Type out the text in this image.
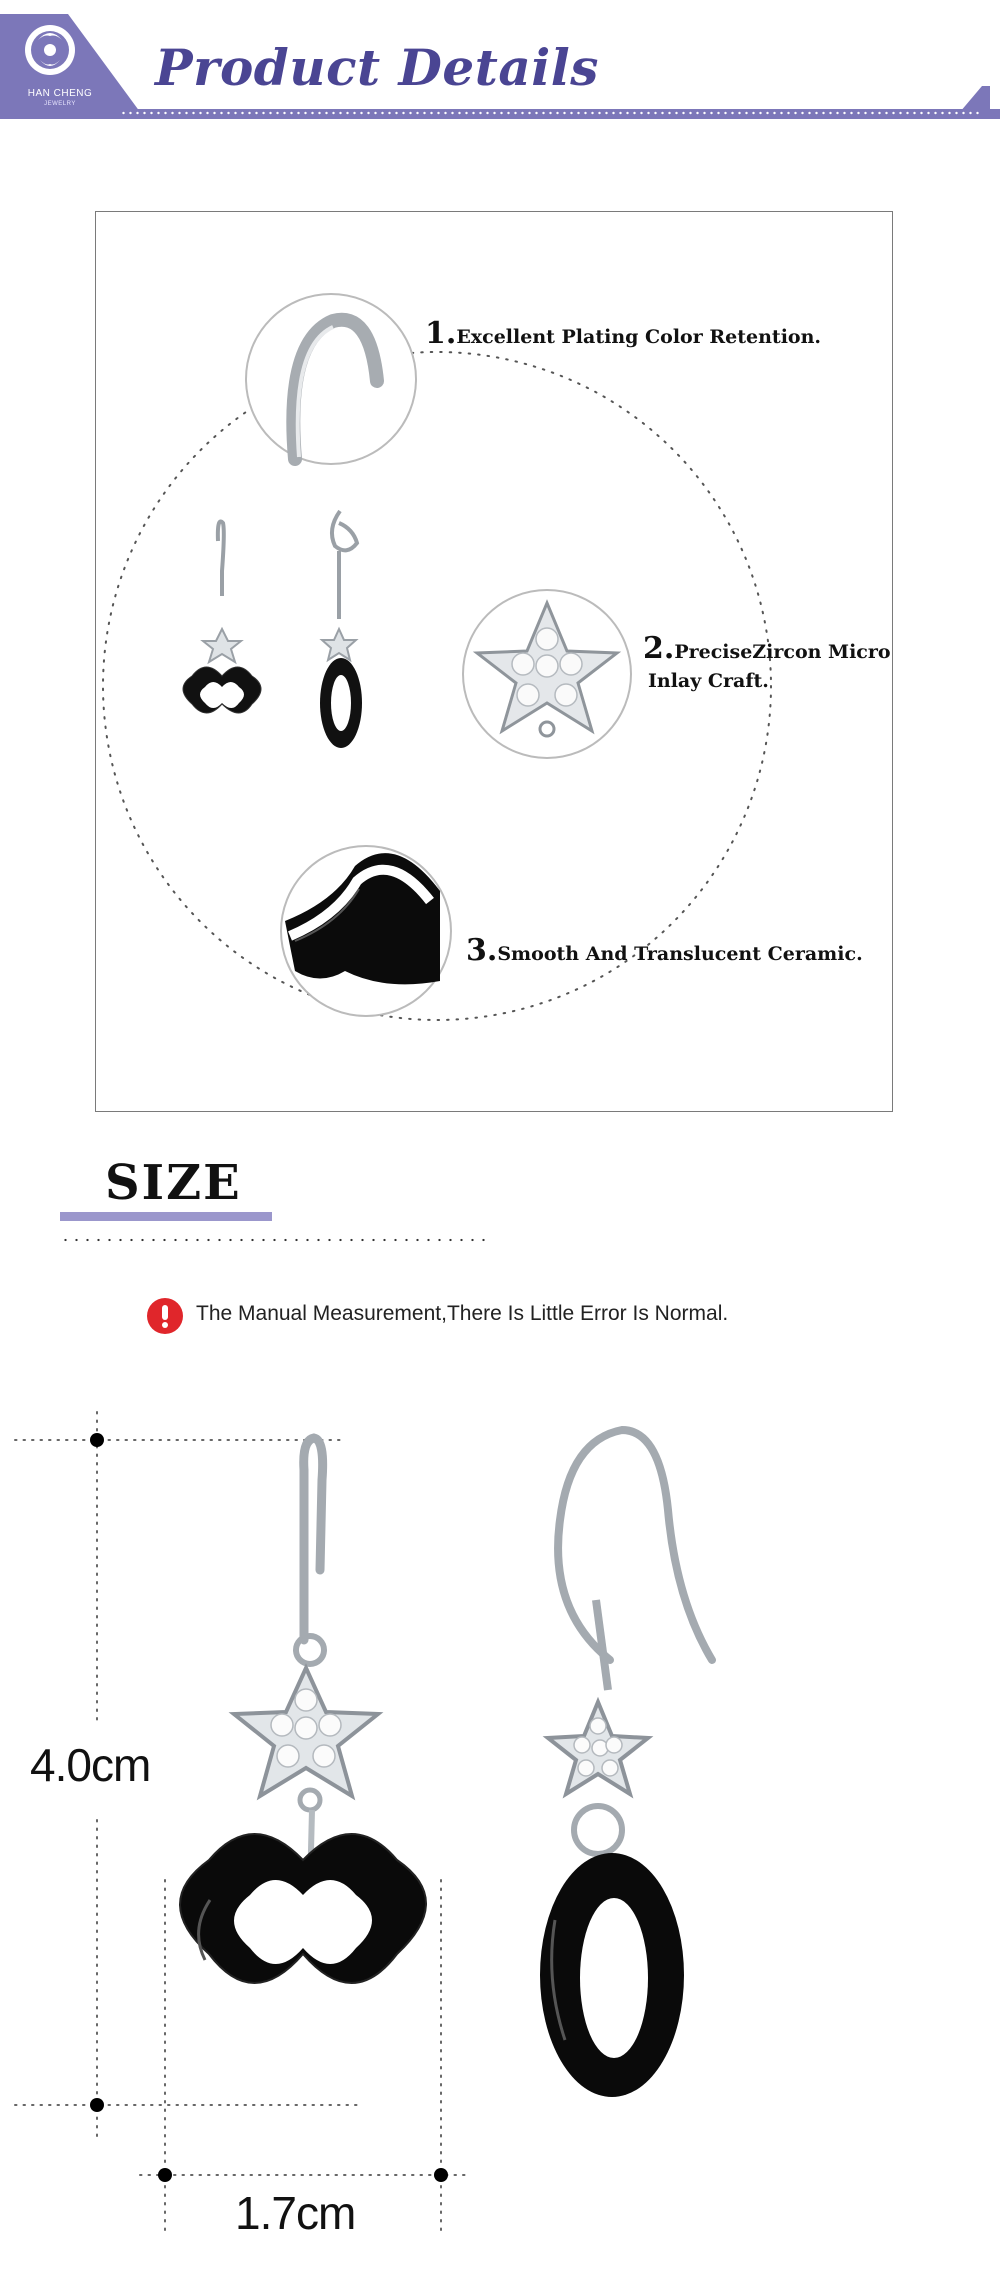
HAN CHENG
JEWELRY
Product Details
1.Excellent Plating Color Retention.
2.PreciseZircon Micro
Inlay Craft.
3.Smooth And Translucent Ceramic.
SIZE
The Manual Measurement,There Is Little Error Is Normal.
4.0cm
1.7cm
